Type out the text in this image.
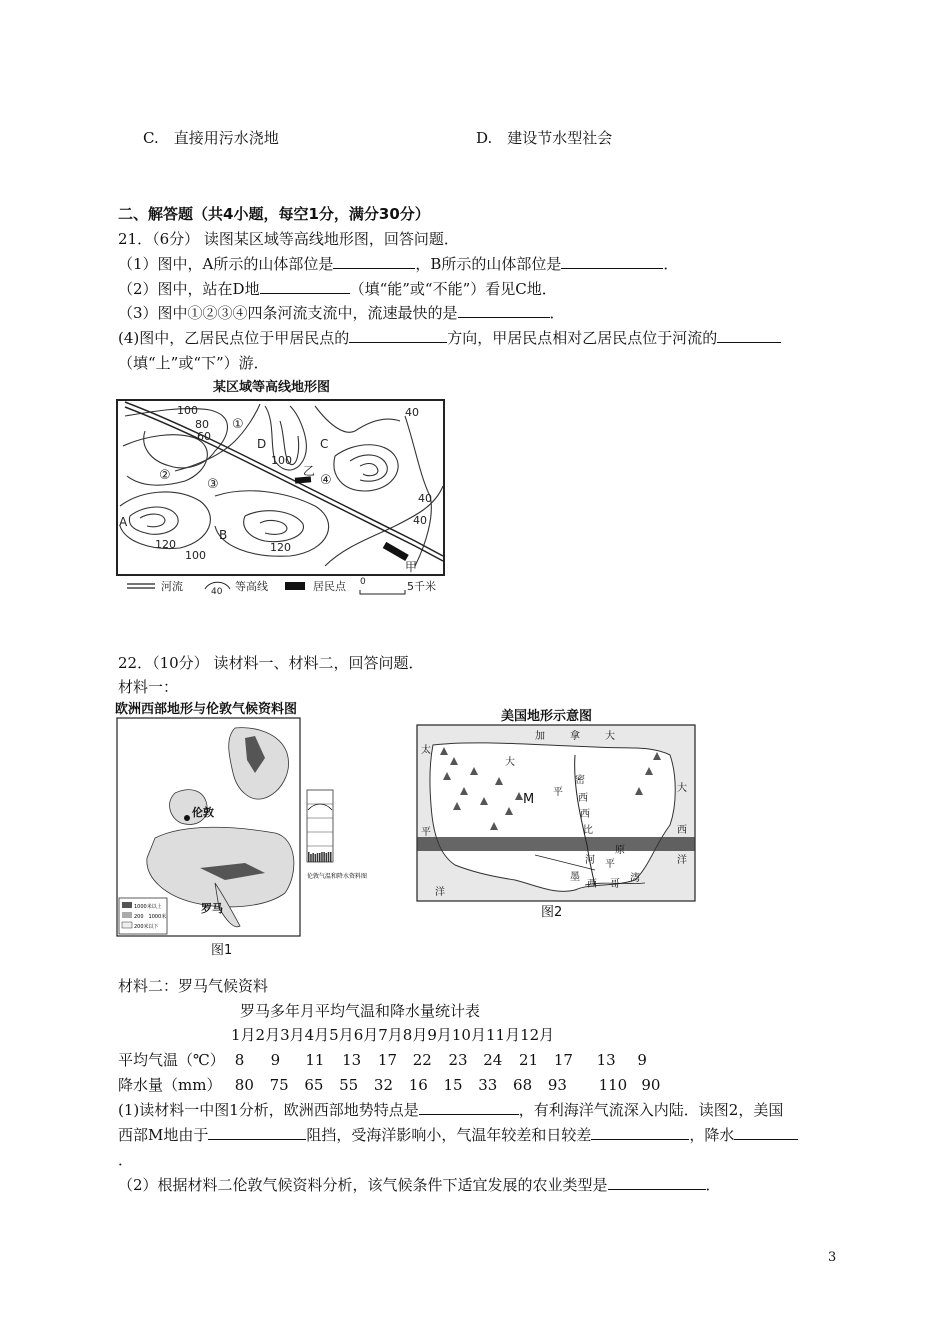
C.　直接用污水浇地	D.　建设节水型社会
二、解答题（共4小题，每空1分，满分30分）
21．（6分） 读图某区域等高线地形图，回答问题．
（1）图中，A所示的山体部位是	，B所示的山体部位是	．
（2）图中，站在D地	（填“能”或“不能”）看见C地．
（3）图中①②③④四条河流支流中，流速最快的是	．
(4)图中，乙居民点位于甲居民点的	方向，甲居民点相对乙居民点位于河流的
（填“上”或“下”）游．
某区域等高线地形图
100
80
60
40
40
40
100
100
120	120
A
B
C
D
乙
甲
①
②
③	④
河流	40 等高线	居民点 0	5千米
22．（10分） 读材料一、材料二，回答问题．
材料一：
欧洲西部地形与伦敦气候资料图
伦敦
罗马
1000米以上
200　1000米
200米以下
伦敦气温和降水资料图
图1
美国地形示意图
M
加	拿	大
大
平
密
西
西
比
河 平
原
墨
西 哥
湾
大
西
洋
太
平
洋
图2
材料二：罗马气候资料
罗马多年月平均气温和降水量统计表
1月2月3月4月5月6月7月8月9月10月11月12月
平均气温（℃） 8 9 11 13 17 22 23 24 21 17 13 9
降水量（mm） 80 75 65 55 32 16 15 33 68 93 110 90
(1)读材料一中图1分析，欧洲西部地势特点是	，有利海洋气流深入内陆．读图2，美国
西部M地由于	阻挡，受海洋影响小，气温年较差和日较差	，降水
．
（2）根据材料二伦敦气候资料分析，该气候条件下适宜发展的农业类型是	．
3
